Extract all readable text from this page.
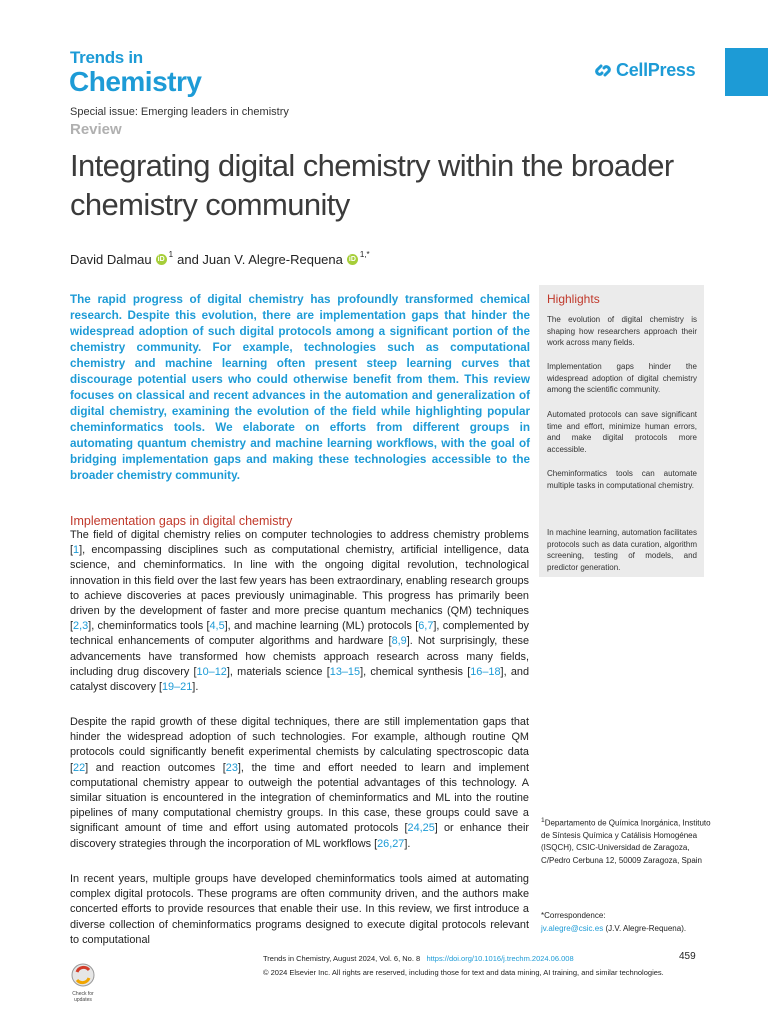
Trends in
Chemistry	CellPress
Special issue: Emerging leaders in chemistry
Review
Integrating digital chemistry within the broader chemistry community
David Dalmau iD
1 and Juan V. Alegre-Requena iD
1,*
The rapid progress of digital chemistry has profoundly transformed chemical research. Despite this evolution, there are implementation gaps that hinder the widespread adoption of such digital protocols among a significant portion of the chemistry community. For example, technologies such as computational chemistry and machine learning often present steep learning curves that discourage potential users who could otherwise benefit from them. This review focuses on classical and recent advances in the automation and generalization of digital chemistry, examining the evolution of the field while highlighting popular cheminformatics tools. We elaborate on efforts from different groups in automating quantum chemistry and machine learning workflows, with the goal of bridging implementation gaps and making these technologies accessible to the broader chemistry community.
Highlights
The evolution of digital chemistry is shaping how researchers approach their work across many fields.
Implementation gaps hinder the widespread adoption of digital chemistry among the scientific community.
Automated protocols can save significant time and effort, minimize human errors, and make digital protocols more accessible.
Cheminformatics tools can automate multiple tasks in computational chemistry.
In machine learning, automation facilitates protocols such as data curation, algorithm screening, testing of models, and predictor generation.
Implementation gaps in digital chemistry
The field of digital chemistry relies on computer technologies to address chemistry problems [1], encompassing disciplines such as computational chemistry, artificial intelligence, data science, and cheminformatics. In line with the ongoing digital revolution, technological innovation in this field over the last few years has been extraordinary, enabling research groups to achieve discoveries at paces previously unimaginable. This progress has primarily been driven by the development of faster and more precise quantum mechanics (QM) techniques [2,3], cheminformatics tools [4,5], and machine learning (ML) protocols [6,7], complemented by technical enhancements of computer algorithms and hardware [8,9]. Not surprisingly, these advancements have transformed how chemists approach research across many fields, including drug discovery [10–12], materials science [13–15], chemical synthesis [16–18], and catalyst discovery [19–21].
Despite the rapid growth of these digital techniques, there are still implementation gaps that hinder the widespread adoption of such technologies. For example, although routine QM protocols could significantly benefit experimental chemists by calculating spectroscopic data [22] and reaction outcomes [23], the time and effort needed to learn and implement computational chemistry appear to outweigh the potential advantages of this technology. A similar situation is encountered in the integration of cheminformatics and ML into the routine pipelines of many computational chemistry groups. In this case, these groups could save a significant amount of time and effort using automated protocols [24,25] or enhance their discovery strategies through the incorporation of ML workflows [26,27].
In recent years, multiple groups have developed cheminformatics tools aimed at automating complex digital protocols. These programs are often community driven, and the authors make concerted efforts to provide resources that enable their use. In this review, we first introduce a diverse collection of cheminformatics programs designed to execute digital protocols relevant to computational
$^1$Departamento de Química Inorgánica, Instituto de Síntesis Química y Catálisis Homogénea (ISQCH), CSIC-Universidad de Zaragoza, C/Pedro Cerbuna 12, 50009 Zaragoza, Spain
*Correspondence:
jv.alegre@csic.es (J.V. Alegre-Requena).
Trends in Chemistry, August 2024, Vol. 6, No. 8 https://doi.org/10.1016/j.trechm.2024.06.008	459
© 2024 Elsevier Inc. All rights are reserved, including those for text and data mining, AI training, and similar technologies.
Check for updates
